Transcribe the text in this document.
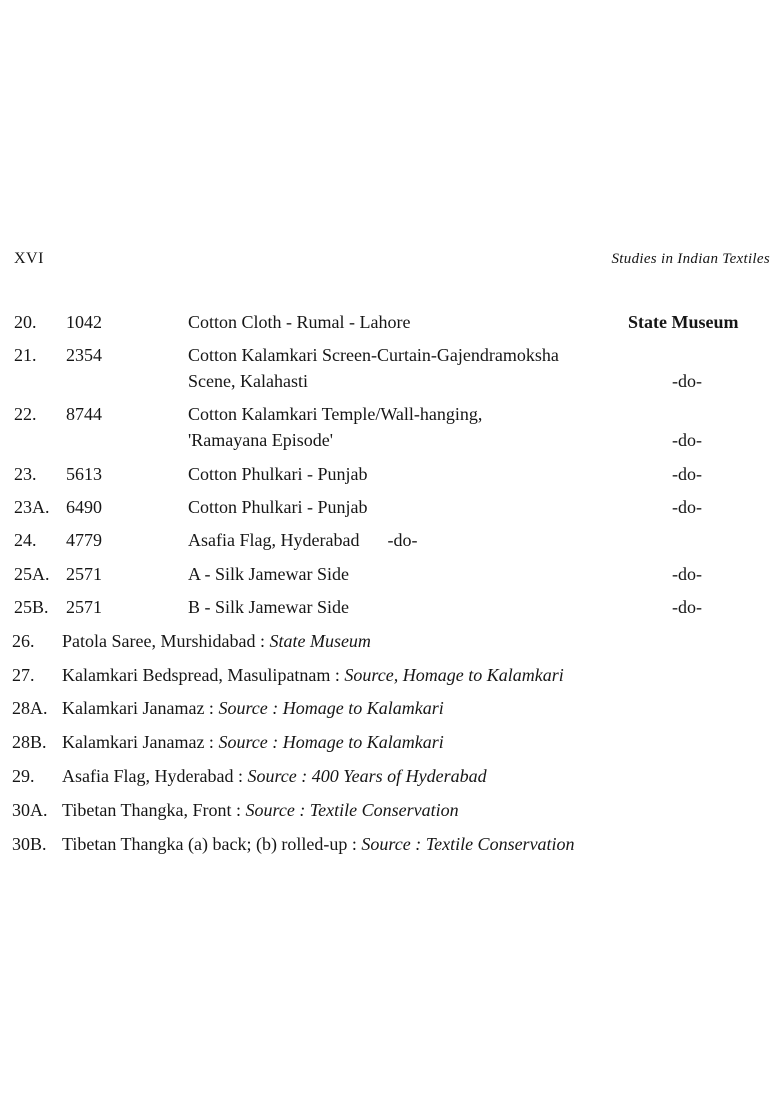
XVI	Studies in Indian Textiles
20. 1042	Cotton Cloth - Rumal - Lahore	State Museum
21. 2354	Cotton Kalamkari Screen-Curtain-Gajendramoksha
Scene, Kalahasti	-do-
22. 8744	Cotton Kalamkari Temple/Wall-hanging,
'Ramayana Episode'	-do-
23. 5613	Cotton Phulkari - Punjab	-do-
23A. 6490	Cotton Phulkari - Punjab	-do-
24. 4779	Asafia Flag, Hyderabad -do-
25A. 2571	A - Silk Jamewar Side	-do-
25B. 2571	B - Silk Jamewar Side	-do-
26. Patola Saree, Murshidabad : State Museum
27. Kalamkari Bedspread, Masulipatnam : Source, Homage to Kalamkari
28A. Kalamkari Janamaz : Source : Homage to Kalamkari
28B. Kalamkari Janamaz : Source : Homage to Kalamkari
29. Asafia Flag, Hyderabad : Source : 400 Years of Hyderabad
30A. Tibetan Thangka, Front : Source : Textile Conservation
30B. Tibetan Thangka (a) back; (b) rolled-up : Source : Textile Conservation
